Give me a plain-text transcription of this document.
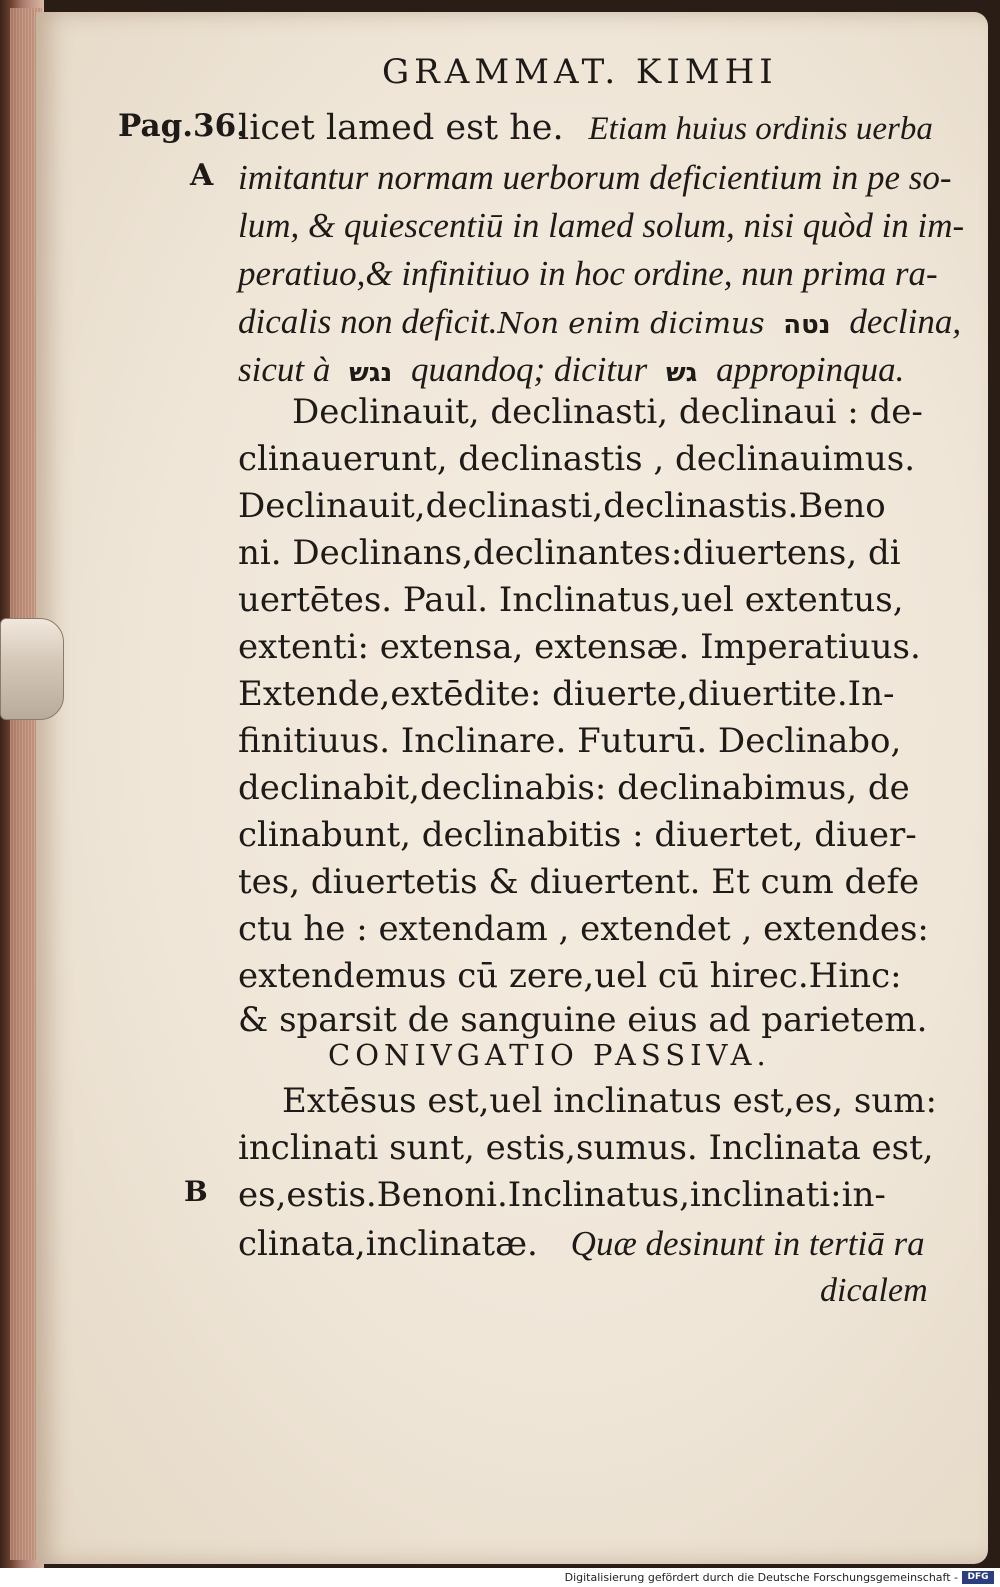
GRAMMAT. KIMHI
Pag.36.
A
B
licet lamed est he. Etiam huius ordinis uerba
imitantur normam uerborum deficientium in pe so-
lum, & quiescentiū in lamed solum, nisi quòd in im-
peratiuo,& infinitiuo in hoc ordine, nun prima ra-
dicalis non deficit.Non enim dicimus נטה declina,
sicut à נגש quandoq; dicitur גש appropinqua.
Declinauit, declinasti, declinaui : de-
clinauerunt, declinastis , declinauimus.
Declinauit,declinasti,declinastis.Beno
ni. Declinans,declinantes:diuertens, di
uertētes. Paul. Inclinatus,uel extentus,
extenti: extensa, extensæ. Imperatiuus.
Extende,extēdite: diuerte,diuertite.In-
finitiuus. Inclinare. Futurū. Declinabo,
declinabit,declinabis: declinabimus, de
clinabunt, declinabitis : diuertet, diuer-
tes, diuertetis & diuertent. Et cum defe
ctu he : extendam , extendet , extendes:
extendemus cū zere,uel cū hirec.Hinc:
& sparsit de sanguine eius ad parietem.
CONIVGATIO PASSIVA.
Extēsus est,uel inclinatus est,es, sum:
inclinati sunt, estis,sumus. Inclinata est,
es,estis.Benoni.Inclinatus,inclinati:in-
clinata,inclinatæ. Quæ desinunt in tertiā ra
dicalem
Digitalisierung gefördert durch die Deutsche Forschungsgemeinschaft -	DFG
